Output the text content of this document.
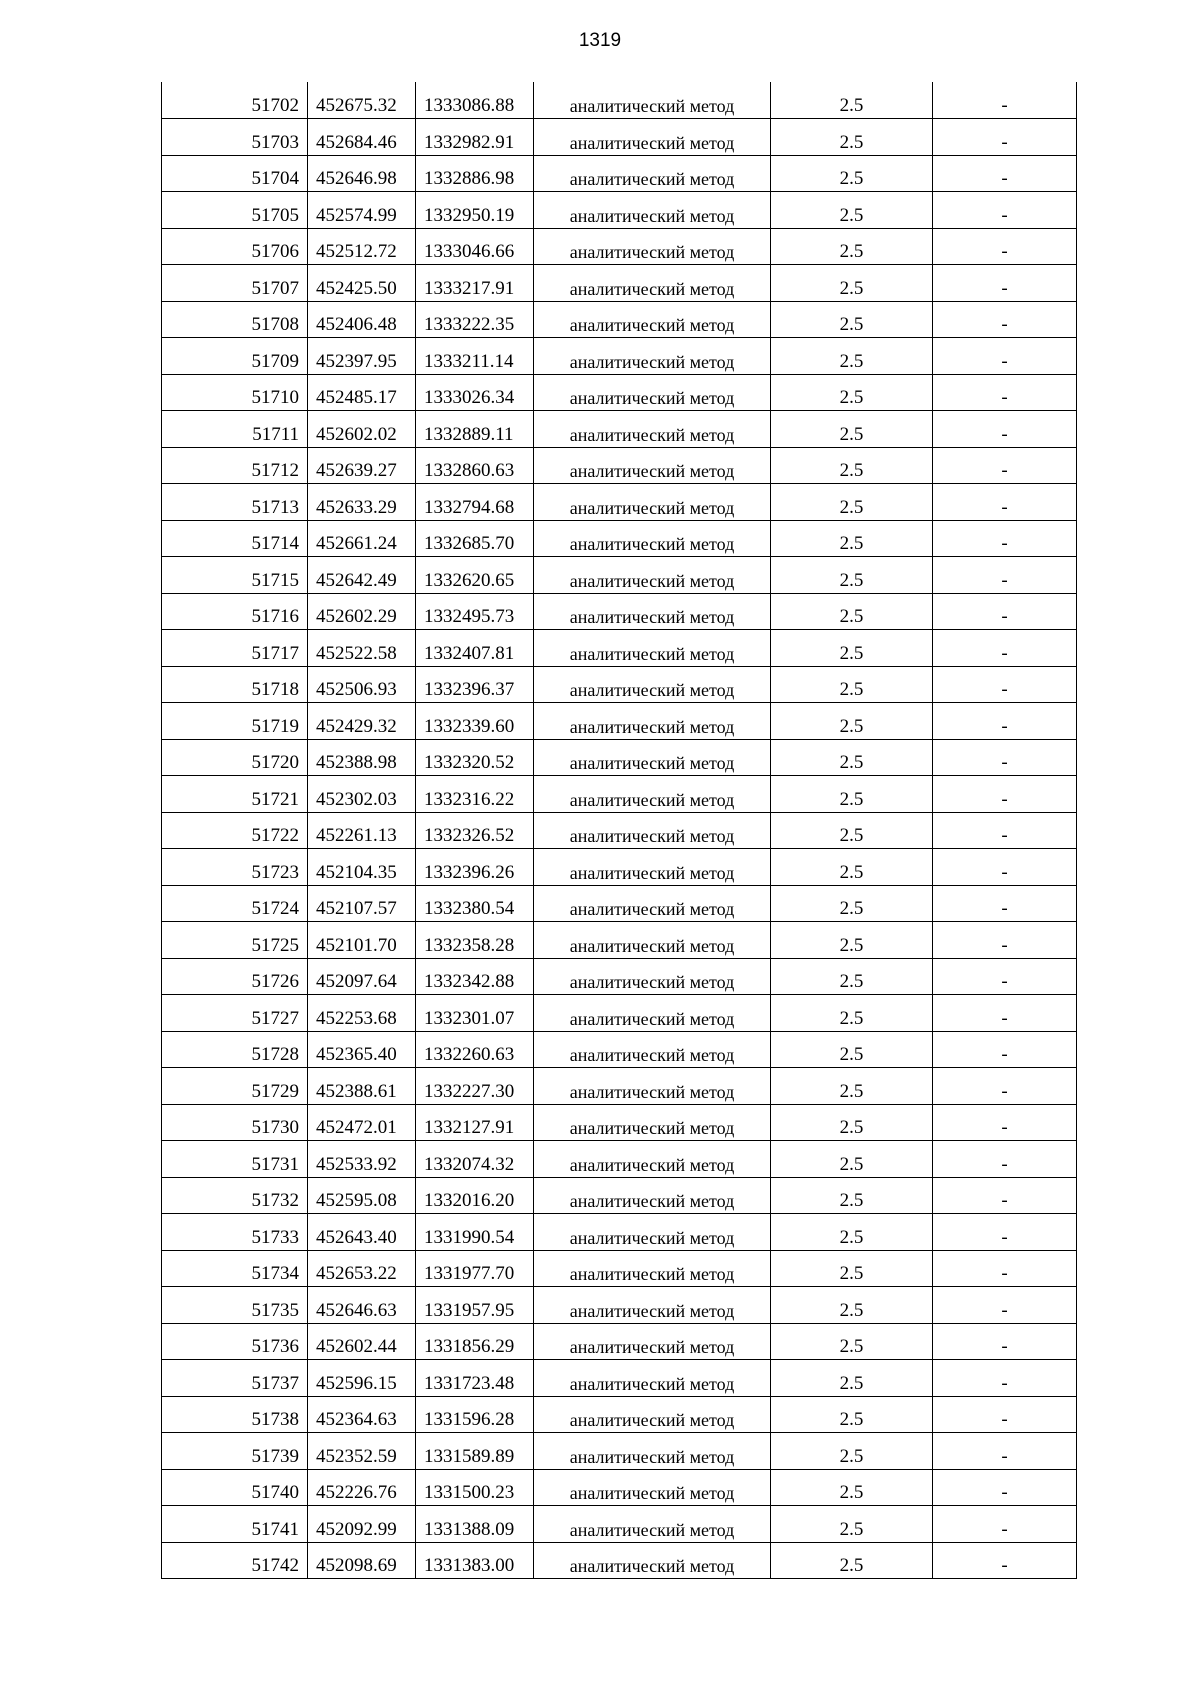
1319
51702	452675.32	1333086.88	аналитический метод	2.5	-
51703	452684.46	1332982.91	аналитический метод	2.5	-
51704	452646.98	1332886.98	аналитический метод	2.5	-
51705	452574.99	1332950.19	аналитический метод	2.5	-
51706	452512.72	1333046.66	аналитический метод	2.5	-
51707	452425.50	1333217.91	аналитический метод	2.5	-
51708	452406.48	1333222.35	аналитический метод	2.5	-
51709	452397.95	1333211.14	аналитический метод	2.5	-
51710	452485.17	1333026.34	аналитический метод	2.5	-
51711	452602.02	1332889.11	аналитический метод	2.5	-
51712	452639.27	1332860.63	аналитический метод	2.5	-
51713	452633.29	1332794.68	аналитический метод	2.5	-
51714	452661.24	1332685.70	аналитический метод	2.5	-
51715	452642.49	1332620.65	аналитический метод	2.5	-
51716	452602.29	1332495.73	аналитический метод	2.5	-
51717	452522.58	1332407.81	аналитический метод	2.5	-
51718	452506.93	1332396.37	аналитический метод	2.5	-
51719	452429.32	1332339.60	аналитический метод	2.5	-
51720	452388.98	1332320.52	аналитический метод	2.5	-
51721	452302.03	1332316.22	аналитический метод	2.5	-
51722	452261.13	1332326.52	аналитический метод	2.5	-
51723	452104.35	1332396.26	аналитический метод	2.5	-
51724	452107.57	1332380.54	аналитический метод	2.5	-
51725	452101.70	1332358.28	аналитический метод	2.5	-
51726	452097.64	1332342.88	аналитический метод	2.5	-
51727	452253.68	1332301.07	аналитический метод	2.5	-
51728	452365.40	1332260.63	аналитический метод	2.5	-
51729	452388.61	1332227.30	аналитический метод	2.5	-
51730	452472.01	1332127.91	аналитический метод	2.5	-
51731	452533.92	1332074.32	аналитический метод	2.5	-
51732	452595.08	1332016.20	аналитический метод	2.5	-
51733	452643.40	1331990.54	аналитический метод	2.5	-
51734	452653.22	1331977.70	аналитический метод	2.5	-
51735	452646.63	1331957.95	аналитический метод	2.5	-
51736	452602.44	1331856.29	аналитический метод	2.5	-
51737	452596.15	1331723.48	аналитический метод	2.5	-
51738	452364.63	1331596.28	аналитический метод	2.5	-
51739	452352.59	1331589.89	аналитический метод	2.5	-
51740	452226.76	1331500.23	аналитический метод	2.5	-
51741	452092.99	1331388.09	аналитический метод	2.5	-
51742	452098.69	1331383.00	аналитический метод	2.5	-
